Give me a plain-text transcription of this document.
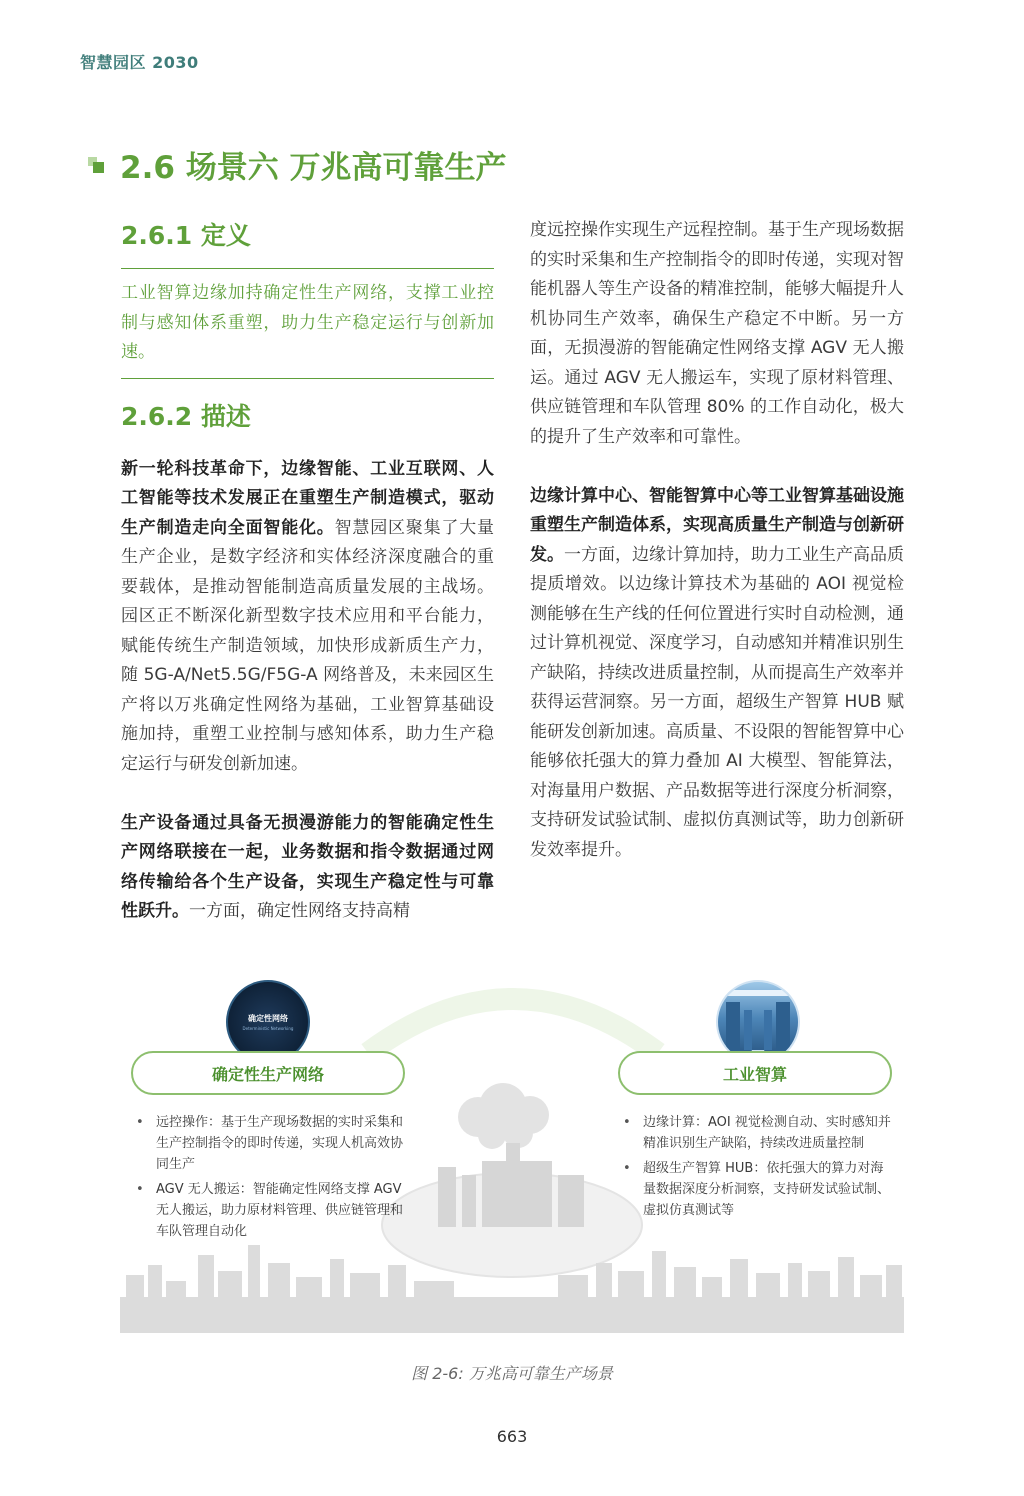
智慧园区 2030
2.6 场景六 万兆高可靠生产
2.6.1 定义
工业智算边缘加持确定性生产网络，支撑工业控制与感知体系重塑，助力生产稳定运行与创新加速。
2.6.2 描述

新一轮科技革命下，边缘智能、工业互联网、人工智能等技术发展正在重塑生产制造模式，驱动生产制造走向全面智能化。智慧园区聚集了大量生产企业，是数字经济和实体经济深度融合的重要载体，是推动智能制造高质量发展的主战场。园区正不断深化新型数字技术应用和平台能力，赋能传统生产制造领域，加快形成新质生产力，随 5G-A/Net5.5G/F5G-A 网络普及，未来园区生产将以万兆确定性网络为基础，工业智算基础设施加持，重塑工业控制与感知体系，助力生产稳定运行与研发创新加速。

生产设备通过具备无损漫游能力的智能确定性生产网络联接在一起，业务数据和指令数据通过网络传输给各个生产设备，实现生产稳定性与可靠性跃升。一方面，确定性网络支持高精

度远控操作实现生产远程控制。基于生产现场数据的实时采集和生产控制指令的即时传递，实现对智能机器人等生产设备的精准控制，能够大幅提升人机协同生产效率，确保生产稳定不中断。另一方面，无损漫游的智能确定性网络支撑 AGV 无人搬运。通过 AGV 无人搬运车，实现了原材料管理、供应链管理和车队管理 80% 的工作自动化，极大的提升了生产效率和可靠性。

边缘计算中心、智能智算中心等工业智算基础设施重塑生产制造体系，实现高质量生产制造与创新研发。一方面，边缘计算加持，助力工业生产高品质提质增效。以边缘计算技术为基础的 AOI 视觉检测能够在生产线的任何位置进行实时自动检测，通过计算机视觉、深度学习，自动感知并精准识别生产缺陷，持续改进质量控制，从而提高生产效率并获得运营洞察。另一方面，超级生产智算 HUB 赋能研发创新加速。高质量、不设限的智能智算中心能够依托强大的算力叠加 AI 大模型、智能算法，对海量用户数据、产品数据等进行深度分析洞察，支持研发试验试制、虚拟仿真测试等，助力创新研发效率提升。

确定性网络
Deterministic Networking
确定性生产网络	工业智算
• 远控操作：基于生产现场数据的实时采集和生产控制指令的即时传递，实现人机高效协同生产
• AGV 无人搬运：智能确定性网络支撑 AGV 无人搬运，助力原材料管理、供应链管理和车队管理自动化
• 边缘计算：AOI 视觉检测自动、实时感知并精准识别生产缺陷，持续改进质量控制
• 超级生产智算 HUB：依托强大的算力对海量数据深度分析洞察，支持研发试验试制、虚拟仿真测试等
图 2-6: 万兆高可靠生产场景
663
